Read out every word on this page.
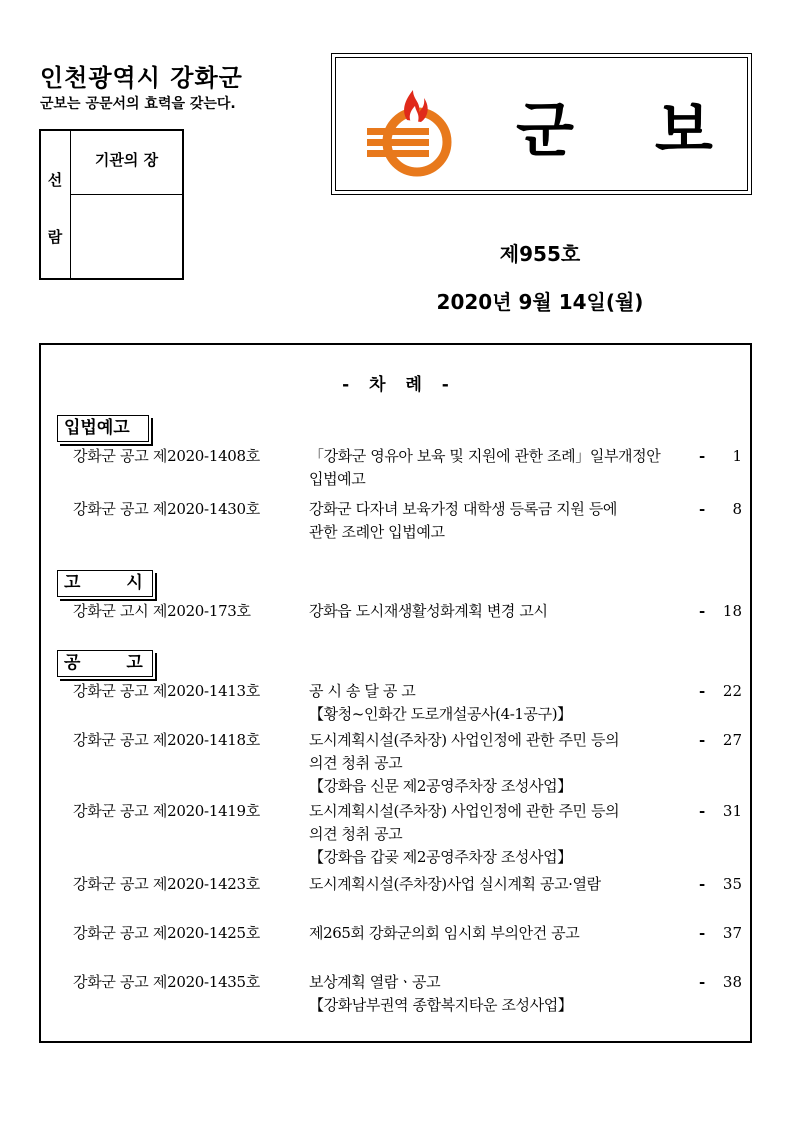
인천광역시 강화군
군보는 공문서의 효력을 갖는다.
선
람
기관의 장	군 보
제955호
2020년 9월 14일(월)
- 차 례 -
입법예고
강화군 공고 제2020-1408호	「강화군 영유아 보육 및 지원에 관한 조례」일부개정안
입법예고
-	1
강화군 공고 제2020-1430호	강화군 다자녀 보육가정 대학생 등록금 지원 등에
관한 조례안 입법예고
-	8
고 시
강화군 고시 제2020-173호	강화읍 도시재생활성화계획 변경 고시	-	18
공 고
강화군 공고 제2020-1413호	공 시 송 달 공 고
【황청~인화간 도로개설공사(4-1공구)】
-	22
강화군 공고 제2020-1418호	도시계획시설(주차장) 사업인정에 관한 주민 등의
의견 청취 공고
【강화읍 신문 제2공영주차장 조성사업】
-	27
강화군 공고 제2020-1419호	도시계획시설(주차장) 사업인정에 관한 주민 등의
의견 청취 공고
【강화읍 갑곶 제2공영주차장 조성사업】
-	31
강화군 공고 제2020-1423호	도시계획시설(주차장)사업 실시계획 공고·열람	-	35
강화군 공고 제2020-1425호	제265회 강화군의회 임시회 부의안건 공고	-	37
강화군 공고 제2020-1435호	보상계획 열람ㆍ공고
【강화남부권역 종합복지타운 조성사업】
-	38
